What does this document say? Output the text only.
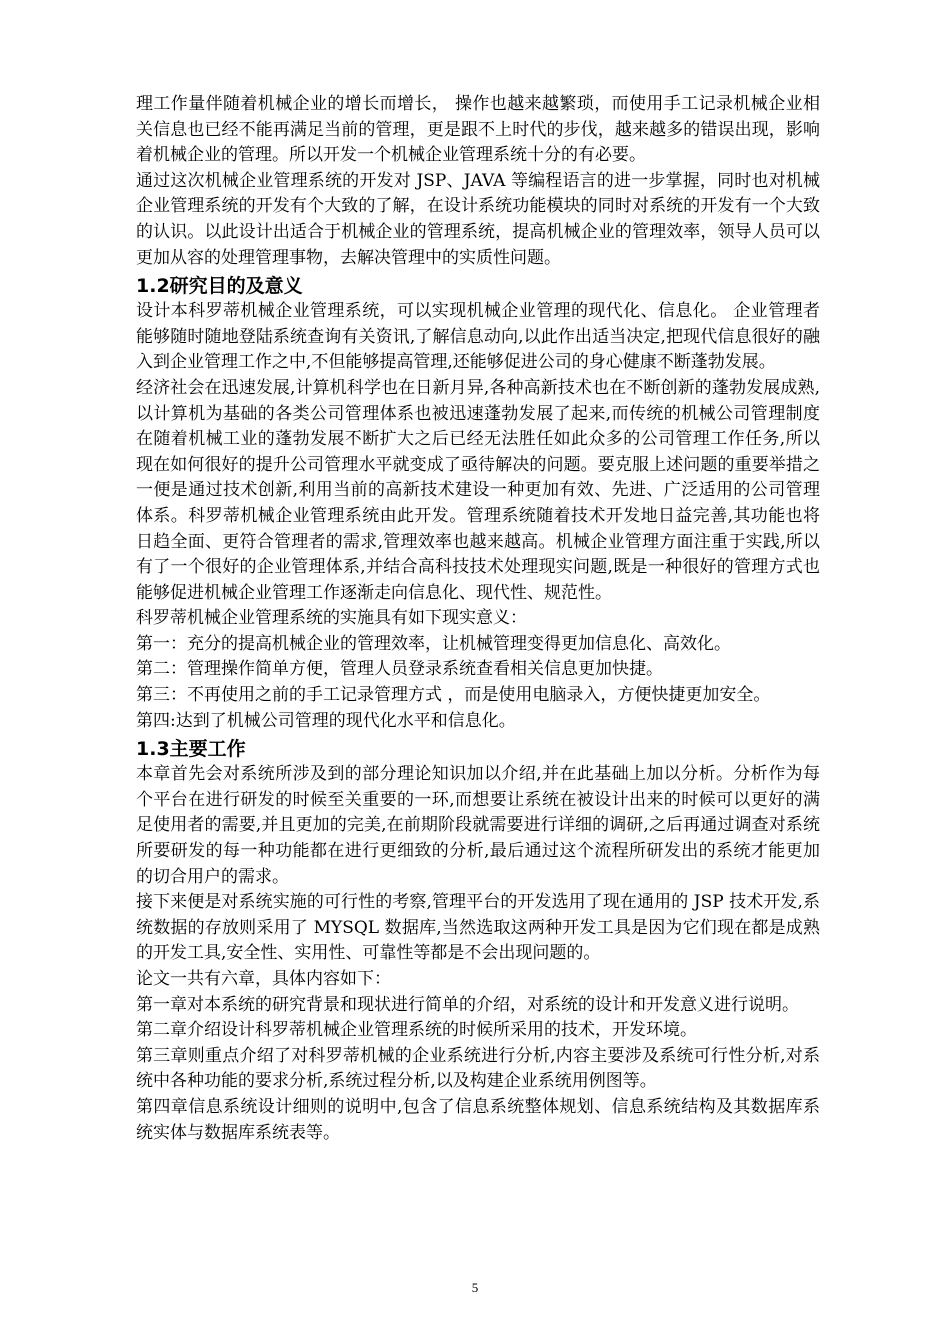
理工作量伴随着机械企业的增长而增长， 操作也越来越繁琐，而使用手工记录机械企业相关信息也已经不能再满足当前的管理，更是跟不上时代的步伐，越来越多的错误出现，影响着机械企业的管理。所以开发一个机械企业管理系统十分的有必要。

通过这次机械企业管理系统的开发对 JSP、JAVA 等编程语言的进一步掌握，同时也对机械企业管理系统的开发有个大致的了解，在设计系统功能模块的同时对系统的开发有一个大致的认识。以此设计出适合于机械企业的管理系统，提高机械企业的管理效率，领导人员可以更加从容的处理管理事物，去解决管理中的实质性问题。

1.2研究目的及意义

设计本科罗蒂机械企业管理系统，可以实现机械企业管理的现代化、信息化。 企业管理者能够随时随地登陆系统查询有关资讯,了解信息动向,以此作出适当决定,把现代信息很好的融入到企业管理工作之中,不但能够提高管理,还能够促进公司的身心健康不断蓬勃发展。

经济社会在迅速发展,计算机科学也在日新月异,各种高新技术也在不断创新的蓬勃发展成熟,以计算机为基础的各类公司管理体系也被迅速蓬勃发展了起来,而传统的机械公司管理制度在随着机械工业的蓬勃发展不断扩大之后已经无法胜任如此众多的公司管理工作任务,所以现在如何很好的提升公司管理水平就变成了亟待解决的问题。要克服上述问题的重要举措之一便是通过技术创新,利用当前的高新技术建设一种更加有效、先进、广泛适用的公司管理体系。科罗蒂机械企业管理系统由此开发。管理系统随着技术开发地日益完善,其功能也将日趋全面、更符合管理者的需求,管理效率也越来越高。机械企业管理方面注重于实践,所以有了一个很好的企业管理体系,并结合高科技技术处理现实问题,既是一种很好的管理方式也能够促进机械企业管理工作逐渐走向信息化、现代性、规范性。

科罗蒂机械企业管理系统的实施具有如下现实意义：

第一：充分的提高机械企业的管理效率，让机械管理变得更加信息化、高效化。

第二：管理操作简单方便，管理人员登录系统查看相关信息更加快捷。

第三：不再使用之前的手工记录管理方式 ，而是使用电脑录入，方便快捷更加安全。

第四:达到了机械公司管理的现代化水平和信息化。

1.3主要工作

本章首先会对系统所涉及到的部分理论知识加以介绍,并在此基础上加以分析。分析作为每个平台在进行研发的时候至关重要的一环,而想要让系统在被设计出来的时候可以更好的满足使用者的需要,并且更加的完美,在前期阶段就需要进行详细的调研,之后再通过调查对系统所要研发的每一种功能都在进行更细致的分析,最后通过这个流程所研发出的系统才能更加的切合用户的需求。

接下来便是对系统实施的可行性的考察,管理平台的开发选用了现在通用的 JSP 技术开发,系统数据的存放则采用了 MYSQL 数据库,当然选取这两种开发工具是因为它们现在都是成熟的开发工具,安全性、实用性、可靠性等都是不会出现问题的。

论文一共有六章，具体内容如下：

第一章对本系统的研究背景和现状进行简单的介绍，对系统的设计和开发意义进行说明。

第二章介绍设计科罗蒂机械企业管理系统的时候所采用的技术，开发环境。

第三章则重点介绍了对科罗蒂机械的企业系统进行分析,内容主要涉及系统可行性分析,对系统中各种功能的要求分析,系统过程分析,以及构建企业系统用例图等。

第四章信息系统设计细则的说明中,包含了信息系统整体规划、信息系统结构及其数据库系统实体与数据库系统表等。

5
